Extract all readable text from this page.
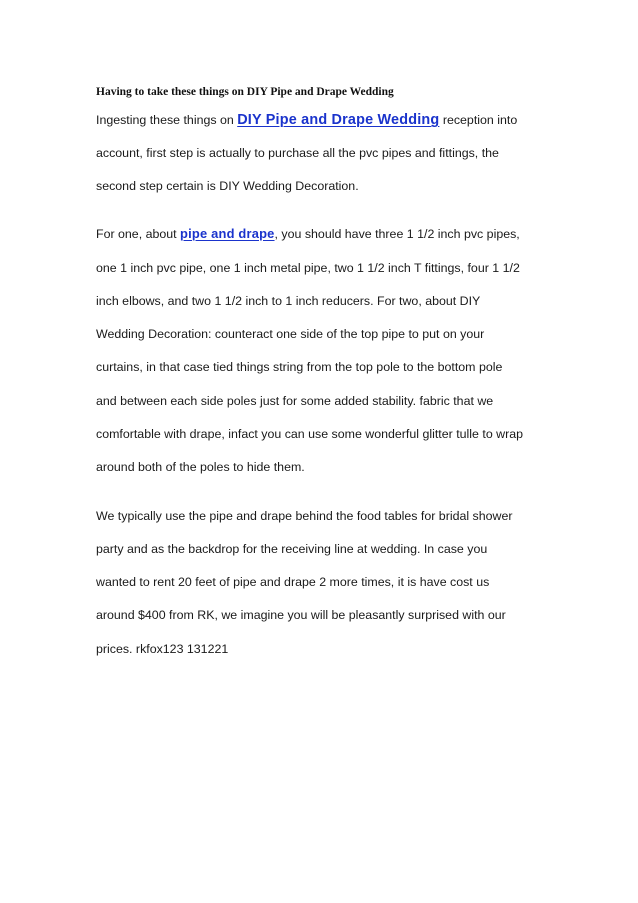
Having to take these things on DIY Pipe and Drape Wedding
Ingesting these things on DIY Pipe and Drape Wedding reception into
account, first step is actually to purchase all the pvc pipes and fittings, the
second step certain is DIY Wedding Decoration.
For one, about pipe and drape, you should have three 1 1/2 inch pvc pipes,
one 1 inch pvc pipe, one 1 inch metal pipe, two 1 1/2 inch T fittings, four 1 1/2
inch elbows, and two 1 1/2 inch to 1 inch reducers. For two, about DIY
Wedding Decoration: counteract one side of the top pipe to put on your
curtains, in that case tied things string from the top pole to the bottom pole
and between each side poles just for some added stability. fabric that we
comfortable with drape, infact you can use some wonderful glitter tulle to wrap
around both of the poles to hide them.
We typically use the pipe and drape behind the food tables for bridal shower
party and as the backdrop for the receiving line at wedding. In case you
wanted to rent 20 feet of pipe and drape 2 more times, it is have cost us
around $400 from RK, we imagine you will be pleasantly surprised with our
prices. rkfox123 131221
